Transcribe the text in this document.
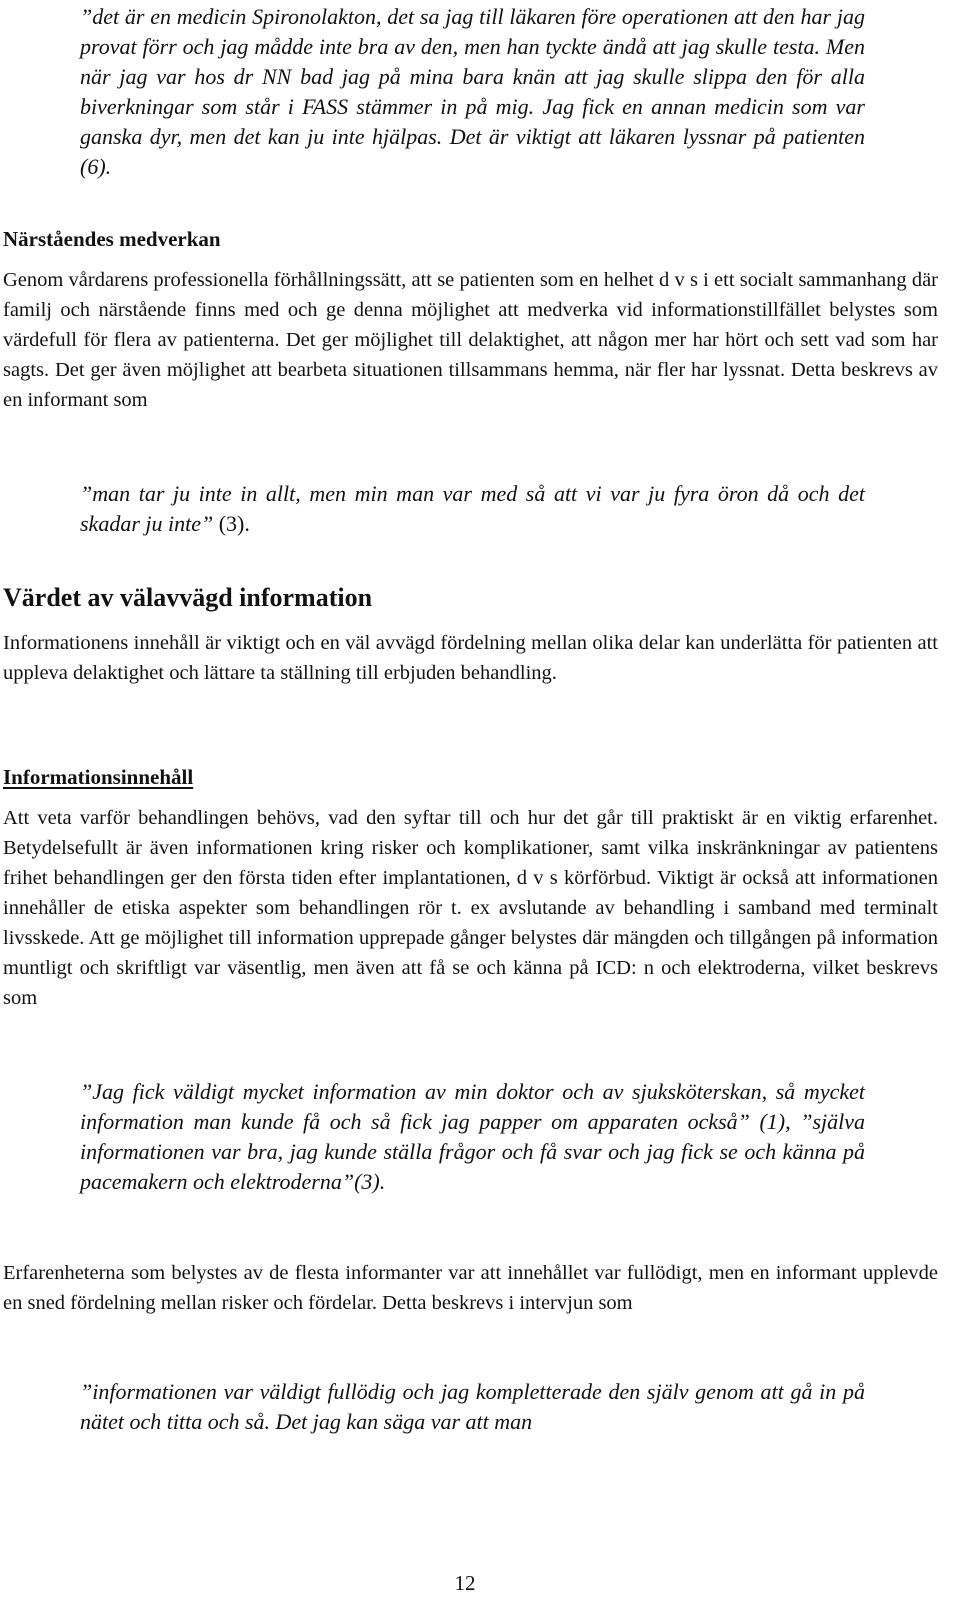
”det är en medicin Spironolakton, det sa jag till läkaren före operationen att den har jag provat förr och jag mådde inte bra av den, men han tyckte ändå att jag skulle testa. Men när jag var hos dr NN bad jag på mina bara knän att jag skulle slippa den för alla biverkningar som står i FASS stämmer in på mig. Jag fick en annan medicin som var ganska dyr, men det kan ju inte hjälpas. Det är viktigt att läkaren lyssnar på patienten (6).
Närståendes medverkan
Genom vårdarens professionella förhållningssätt, att se patienten som en helhet d v s i ett socialt sammanhang där familj och närstående finns med och ge denna möjlighet att medverka vid informationstillfället belystes som värdefull för flera av patienterna. Det ger möjlighet till delaktighet, att någon mer har hört och sett vad som har sagts. Det ger även möjlighet att bearbeta situationen tillsammans hemma, när fler har lyssnat. Detta beskrevs av en informant som
”man tar ju inte in allt, men min man var med så att vi var ju fyra öron då och det skadar ju inte” (3).
Värdet av välavvägd information
Informationens innehåll är viktigt och en väl avvägd fördelning mellan olika delar kan underlätta för patienten att uppleva delaktighet och lättare ta ställning till erbjuden behandling.
Informationsinnehåll
Att veta varför behandlingen behövs, vad den syftar till och hur det går till praktiskt är en viktig erfarenhet. Betydelsefullt är även informationen kring risker och komplikationer, samt vilka inskränkningar av patientens frihet behandlingen ger den första tiden efter implantationen, d v s körförbud. Viktigt är också att informationen innehåller de etiska aspekter som behandlingen rör t. ex avslutande av behandling i samband med terminalt livsskede. Att ge möjlighet till information upprepade gånger belystes där mängden och tillgången på information muntligt och skriftligt var väsentlig, men även att få se och känna på ICD: n och elektroderna, vilket beskrevs som
”Jag fick väldigt mycket information av min doktor och av sjuksköterskan, så mycket information man kunde få och så fick jag papper om apparaten också” (1), ”själva informationen var bra, jag kunde ställa frågor och få svar och jag fick se och känna på pacemakern och elektroderna”(3).
Erfarenheterna som belystes av de flesta informanter var att innehållet var fullödigt, men en informant upplevde en sned fördelning mellan risker och fördelar. Detta beskrevs i intervjun som
”informationen var väldigt fullödig och jag kompletterade den själv genom att gå in på nätet och titta och så. Det jag kan säga var att man
12
